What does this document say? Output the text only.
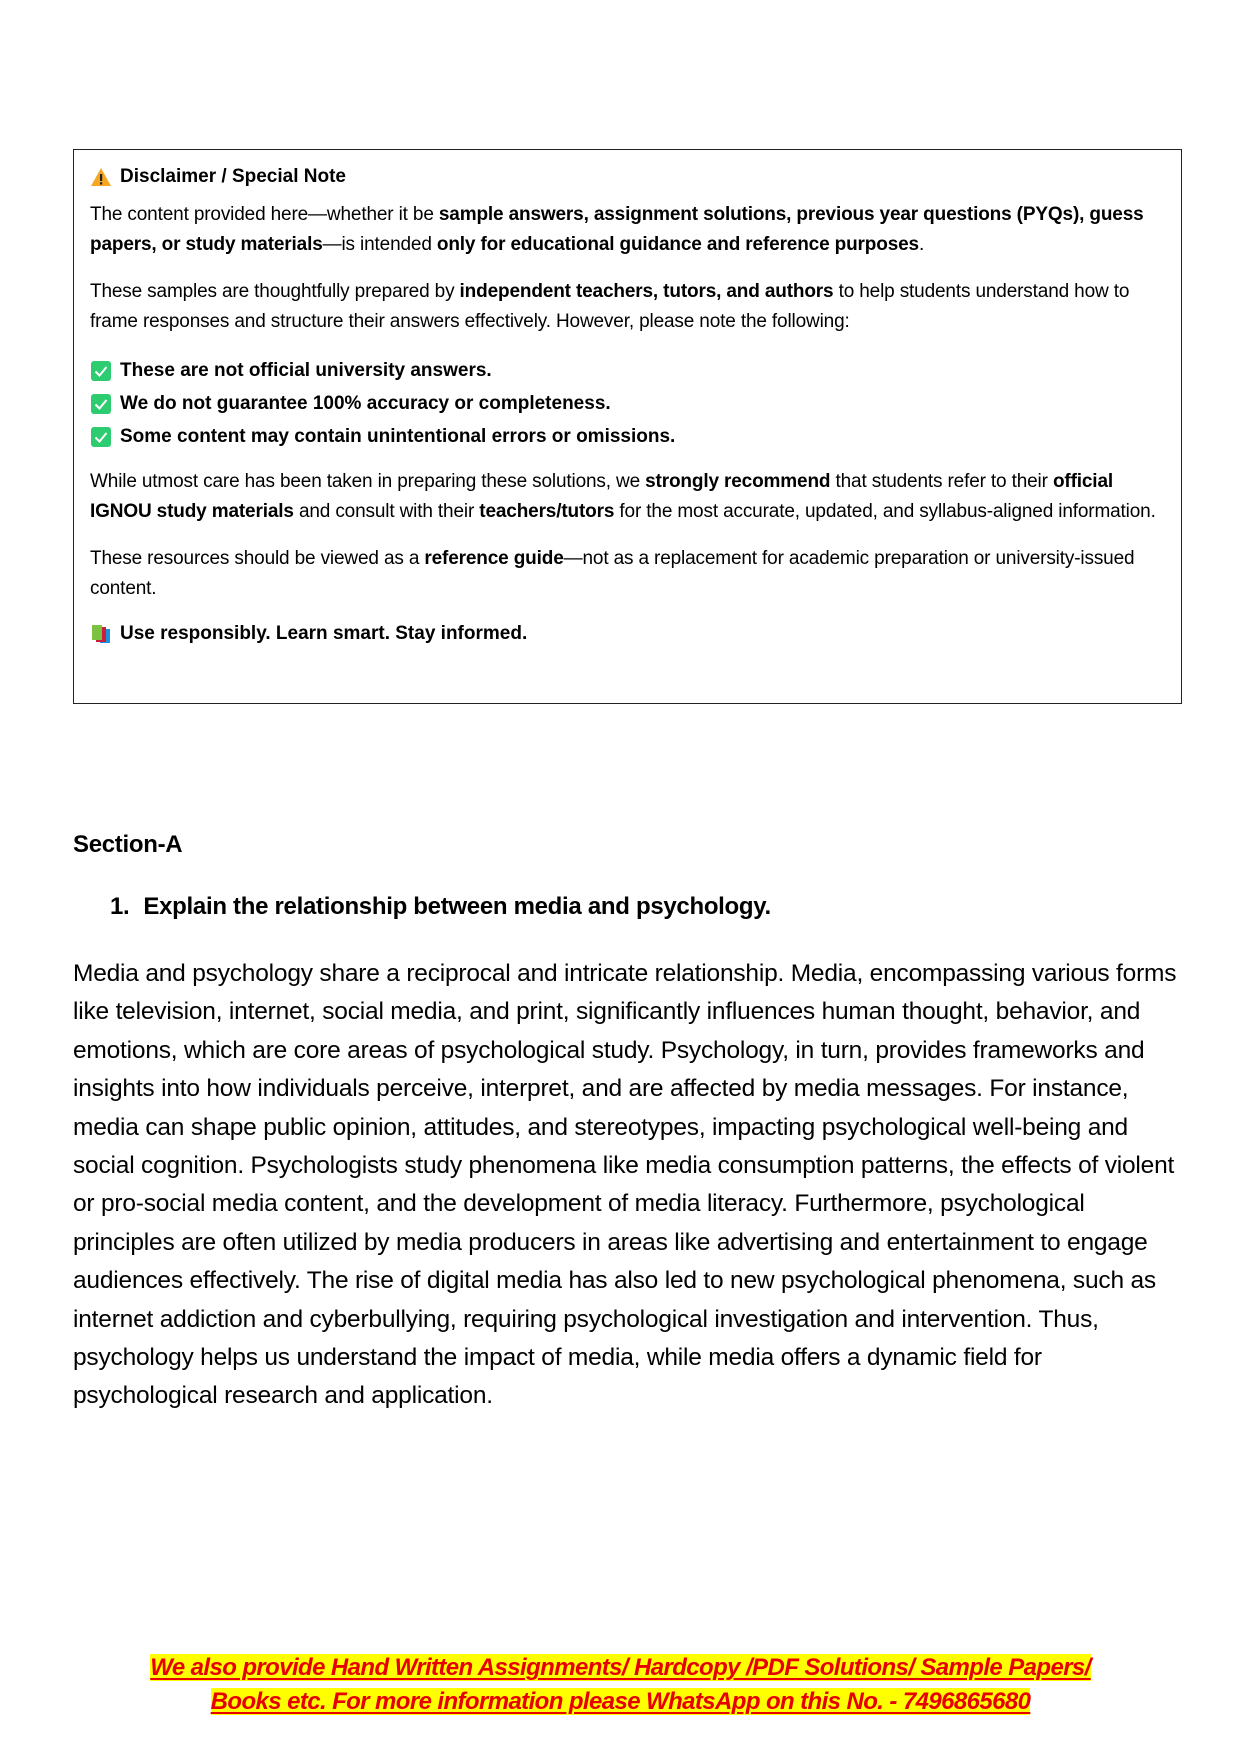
Disclaimer / Special Note

The content provided here—whether it be sample answers, assignment solutions, previous year questions (PYQs), guess papers, or study materials—is intended only for educational guidance and reference purposes.

These samples are thoughtfully prepared by independent teachers, tutors, and authors to help students understand how to frame responses and structure their answers effectively. However, please note the following:

These are not official university answers.
We do not guarantee 100% accuracy or completeness.
Some content may contain unintentional errors or omissions.

While utmost care has been taken in preparing these solutions, we strongly recommend that students refer to their official IGNOU study materials and consult with their teachers/tutors for the most accurate, updated, and syllabus-aligned information.

These resources should be viewed as a reference guide—not as a replacement for academic preparation or university-issued content.

Use responsibly. Learn smart. Stay informed.
Section-A
1. Explain the relationship between media and psychology.

Media and psychology share a reciprocal and intricate relationship. Media, encompassing various forms like television, internet, social media, and print, significantly influences human thought, behavior, and emotions, which are core areas of psychological study. Psychology, in turn, provides frameworks and insights into how individuals perceive, interpret, and are affected by media messages. For instance, media can shape public opinion, attitudes, and stereotypes, impacting psychological well-being and social cognition. Psychologists study phenomena like media consumption patterns, the effects of violent or pro-social media content, and the development of media literacy. Furthermore, psychological principles are often utilized by media producers in areas like advertising and entertainment to engage audiences effectively. The rise of digital media has also led to new psychological phenomena, such as internet addiction and cyberbullying, requiring psychological investigation and intervention. Thus, psychology helps us understand the impact of media, while media offers a dynamic field for psychological research and application.

We also provide Hand Written Assignments/ Hardcopy /PDF Solutions/ Sample Papers/
Books etc. For more information please WhatsApp on this No. - 7496865680
